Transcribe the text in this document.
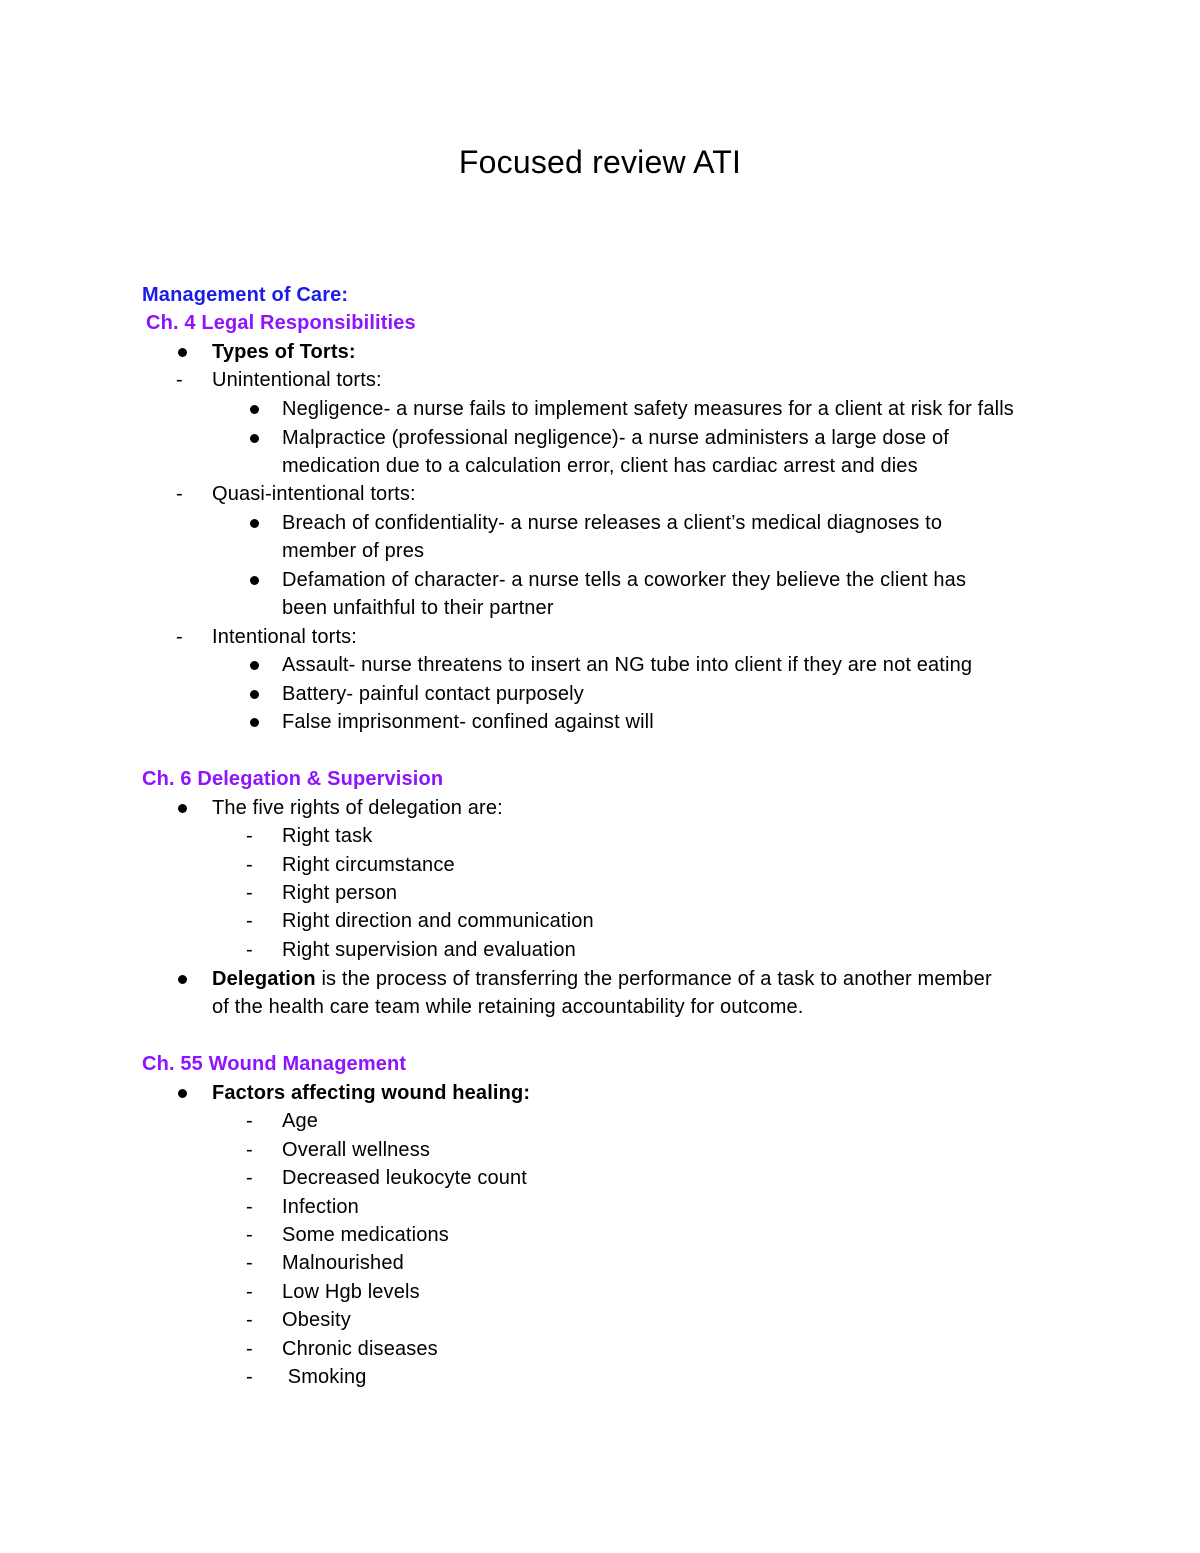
Focused review ATI
Management of Care:
Ch. 4 Legal Responsibilities
Types of Torts:
- Unintentional torts:
Negligence- a nurse fails to implement safety measures for a client at risk for falls
Malpractice (professional negligence)- a nurse administers a large dose of
medication due to a calculation error, client has cardiac arrest and dies
- Quasi-intentional torts:
Breach of confidentiality- a nurse releases a client’s medical diagnoses to
member of pres
Defamation of character- a nurse tells a coworker they believe the client has
been unfaithful to their partner
- Intentional torts:
Assault- nurse threatens to insert an NG tube into client if they are not eating
Battery- painful contact purposely
False imprisonment- confined against will
Ch. 6 Delegation & Supervision
The five rights of delegation are:
- Right task
- Right circumstance
- Right person
- Right direction and communication
- Right supervision and evaluation
Delegation is the process of transferring the performance of a task to another member
of the health care team while retaining accountability for outcome.
Ch. 55 Wound Management
Factors affecting wound healing:
- Age
- Overall wellness
- Decreased leukocyte count
- Infection
- Some medications
- Malnourished
- Low Hgb levels
- Obesity
- Chronic diseases
- Smoking
